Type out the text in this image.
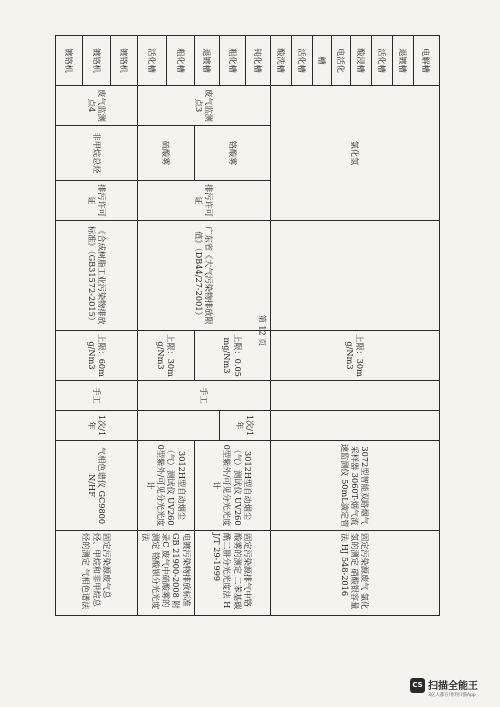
电解槽	氯化氢				上限：30mg/Nm3			3072型智能双路烟气采样器 3060T-烟气流速监测仪 50mL滴定管	固定污染源废气 氯化氢的测定 硝酸银容量法 HJ 548-2016
退镀槽									
活化槽									
酸浸槽									
电活化									
槽									
活化槽									
酸洗槽									
钝化槽	废气监测点3	铬酸雾	排污许可证	广东省《大气污染物排放限值》（DB44/27-2001）	上限：0.05mg/Nm3	手工	1次/1年	3012H型自动烟尘（气）测试仪 UV2600型紫外/可见分光光度计	固定污染源排气中铬酸雾的测定 二苯基碳酰二肼分光光度法 HJ/T 29-1999
粗化槽									
退镀槽									
粗化槽		硫酸雾			上限：30mg/Nm3			3012H型自动烟尘（气）测试仪 UV2600型紫外/可见分光光度计	电镀污染物排放标准 GB 21900-2008 附录C 废气中硫酸雾的测定 铬酸钡分光光度法
活化槽									
镀铬机	废气监测点4	非甲烷总烃	排污许可证	《合成树脂工业污染物排放标准》（GB31572-2015）	上限：60mg/Nm3	手工	1次/1年	气相色谱仪 GC9800N/HF	固定污染源废气总烃、甲烷和非甲烷总烃的测定 气相色谱法
镀铬机									
镀铬机									
第 12 页
CS 扫描全能王
3亿人都在用的扫描App
